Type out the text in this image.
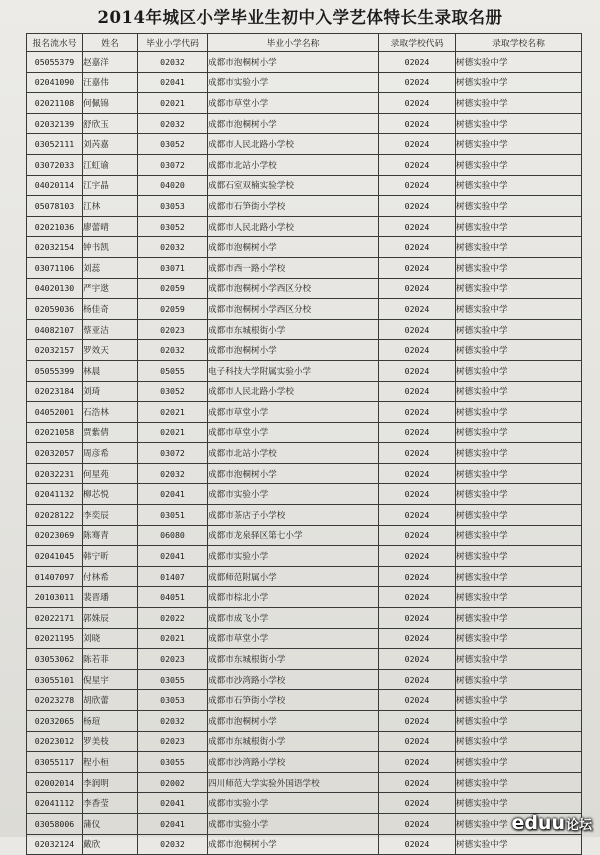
2014年城区小学毕业生初中入学艺体特长生录取名册
报名流水号	姓名	毕业小学代码	毕业小学名称	录取学校代码	录取学校名称
05055379	赵嘉洋	02032	成都市泡桐树小学	02024	树德实验中学
02041090	汪嘉伟	02041	成都市实验小学	02024	树德实验中学
02021108	何佩锦	02021	成都市草堂小学	02024	树德实验中学
02032139	舒欣玉	02032	成都市泡桐树小学	02024	树德实验中学
03052111	刘芮嘉	03052	成都市人民北路小学校	02024	树德实验中学
03072033	江虹谕	03072	成都市北站小学校	02024	树德实验中学
04020114	江宇晶	04020	成都石室双楠实验学校	02024	树德实验中学
05078103	江林	03053	成都市石笋街小学校	02024	树德实验中学
02021036	廖蕾晴	03052	成都市人民北路小学校	02024	树德实验中学
02032154	钟书凯	02032	成都市泡桐树小学	02024	树德实验中学
03071106	刘蕊	03071	成都市西一路小学校	02024	树德实验中学
04020130	严宇逖	02059	成都市泡桐树小学西区分校	02024	树德实验中学
02059036	杨佳奇	02059	成都市泡桐树小学西区分校	02024	树德实验中学
04082107	蔡亚洁	02023	成都市东城根街小学	02024	树德实验中学
02032157	罗效天	02032	成都市泡桐树小学	02024	树德实验中学
05055399	林晨	05055	电子科技大学附属实验小学	02024	树德实验中学
02023184	刘琦	03052	成都市人民北路小学校	02024	树德实验中学
04052001	石浩林	02021	成都市草堂小学	02024	树德实验中学
02021058	贾紫倩	02021	成都市草堂小学	02024	树德实验中学
02032057	周彦希	03072	成都市北站小学校	02024	树德实验中学
02032231	何星苑	02032	成都市泡桐树小学	02024	树德实验中学
02041132	柳芯悦	02041	成都市实验小学	02024	树德实验中学
02028122	李奕辰	03051	成都市茶店子小学校	02024	树德实验中学
02023069	陈骞青	06080	成都市龙泉驿区第七小学	02024	树德实验中学
02041045	韩宁昕	02041	成都市实验小学	02024	树德实验中学
01407097	付林希	01407	成都师范附属小学	02024	树德实验中学
20103011	裴晋璠	04051	成都市棕北小学	02024	树德实验中学
02022171	郭姝辰	02022	成都市成飞小学	02024	树德实验中学
02021195	刘晓	02021	成都市草堂小学	02024	树德实验中学
03053062	陈若菲	02023	成都市东城根街小学	02024	树德实验中学
03055101	倪星宇	03055	成都市沙湾路小学校	02024	树德实验中学
02023278	胡欣蕾	03053	成都市石笋街小学校	02024	树德实验中学
02032065	杨瑄	02032	成都市泡桐树小学	02024	树德实验中学
02023012	罗美枝	02023	成都市东城根街小学	02024	树德实验中学
03055117	程小桓	03055	成都市沙湾路小学校	02024	树德实验中学
02002014	李润明	02002	四川师范大学实验外国语学校	02024	树德实验中学
02041112	李香莹	02041	成都市实验小学	02024	树德实验中学
03058006	蒲仪	02041	成都市实验小学	02024	树德实验中学
02032124	戴欣	02032	成都市泡桐树小学	02024	树德实验中学
eduu 论坛
